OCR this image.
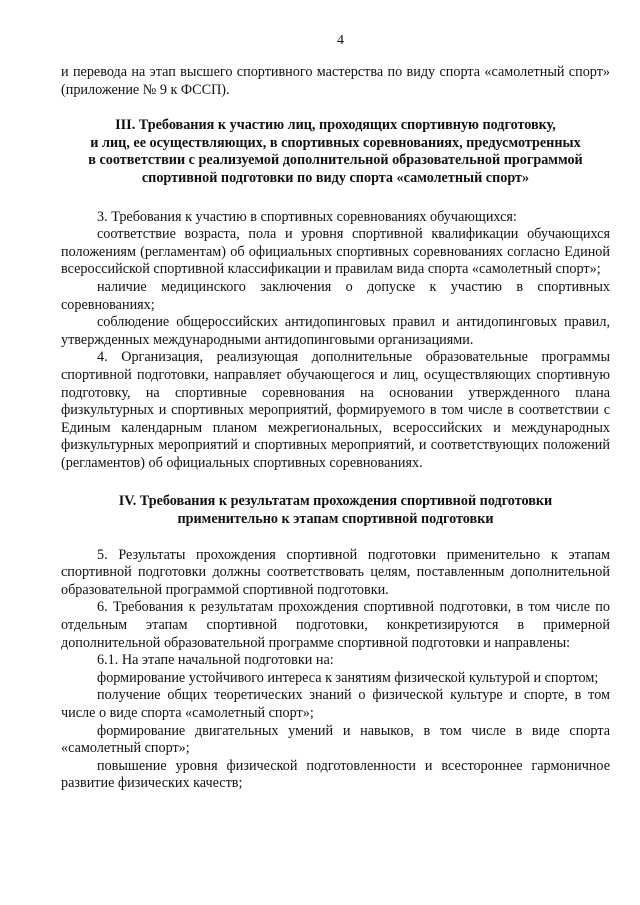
4

и перевода на этап высшего спортивного мастерства по виду спорта «самолетный спорт» (приложение № 9 к ФССП).

III. Требования к участию лиц, проходящих спортивную подготовку,
и лиц, ее осуществляющих, в спортивных соревнованиях, предусмотренных
в соответствии с реализуемой дополнительной образовательной программой
спортивной подготовки по виду спорта «самолетный спорт»

3. Требования к участию в спортивных соревнованиях обучающихся:

соответствие возраста, пола и уровня спортивной квалификации обучающихся положениям (регламентам) об официальных спортивных соревнованиях согласно Единой всероссийской спортивной классификации и правилам вида спорта «самолетный спорт»;

наличие медицинского заключения о допуске к участию в спортивных соревнованиях;

соблюдение общероссийских антидопинговых правил и антидопинговых правил, утвержденных международными антидопинговыми организациями.

4. Организация, реализующая дополнительные образовательные программы спортивной подготовки, направляет обучающегося и лиц, осуществляющих спортивную подготовку, на спортивные соревнования на основании утвержденного плана физкультурных и спортивных мероприятий, формируемого в том числе в соответствии с Единым календарным планом межрегиональных, всероссийских и международных физкультурных мероприятий и спортивных мероприятий, и соответствующих положений (регламентов) об официальных спортивных соревнованиях.

IV. Требования к результатам прохождения спортивной подготовки
применительно к этапам спортивной подготовки

5. Результаты прохождения спортивной подготовки применительно к этапам спортивной подготовки должны соответствовать целям, поставленным дополнительной образовательной программой спортивной подготовки.

6. Требования к результатам прохождения спортивной подготовки, в том числе по отдельным этапам спортивной подготовки, конкретизируются в примерной дополнительной образовательной программе спортивной подготовки и направлены:

6.1. На этапе начальной подготовки на:

формирование устойчивого интереса к занятиям физической культурой и спортом;

получение общих теоретических знаний о физической культуре и спорте, в том числе о виде спорта «самолетный спорт»;

формирование двигательных умений и навыков, в том числе в виде спорта «самолетный спорт»;

повышение уровня физической подготовленности и всестороннее гармоничное развитие физических качеств;
